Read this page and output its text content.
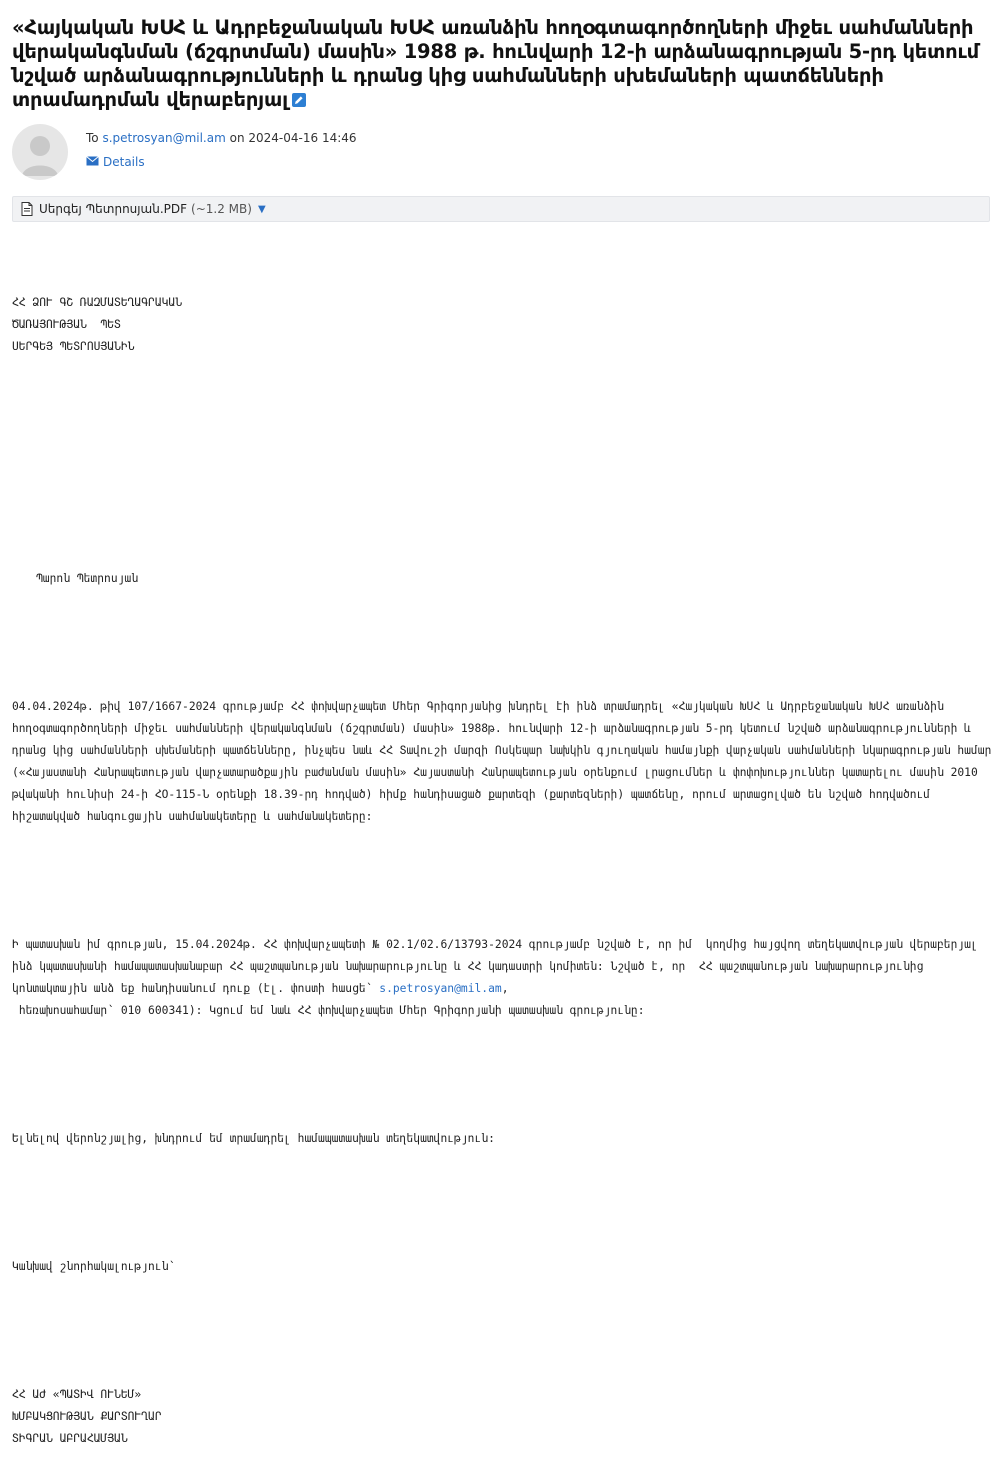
«Հայկական ԽՍՀ և Ադրբեջանական ԽՍՀ առանձին հողօգտագործողների միջեւ սահմանների վերականգնման (ճշգրտման) մասին» 1988 թ. հունվարի 12-ի արձանագրության 5-րդ կետում նշված արձանագրությունների և դրանց կից սահմանների սխեմաների պատճենների տրամադրման վերաբերյալ
To s.petrosyan@mil.am on 2024-04-16 14:46
Details
Սերգեյ Պետրոսյան.PDF (~1.2 MB) ▼

ՀՀ ՁՈՒ ԳՇ ՌԱԶՄԱՏԵՂԱԳՐԱԿԱՆ
ԾԱՌԱՅՈՒԹՅԱՆ  ՊԵՏ
ՍԵՐԳԵՅ ՊԵՏՐՈՍՅԱՆԻՆ

Պարոն Պետրոսյան

04.04.2024թ. թիվ 107/1667-2024 գրությամբ ՀՀ փոխվարչապետ Մհեր Գրիգորյանից խնդրել էի ինձ տրամադրել «Հայկական ԽՍՀ և Ադրբեջանական ԽՍՀ առանձին հողօգտագործողների միջեւ սահմանների վերականգնման (ճշգրտման) մասին» 1988թ. հունվարի 12-ի արձանագրության 5-րդ կետում նշված արձանագրությունների և դրանց կից սահմանների սխեմաների պատճենները, ինչպես նաև ՀՀ Տավուշի մարզի Ոսկեպար նախկին գյուղական համայնքի վարչական սահմանների նկարագրության համար («Հայաստանի Հանրապետության վարչատարածքային բաժանման մասին» Հայաստանի Հանրապետության օրենքում լրացումներ և փոփոխություններ կատարելու մասին 2010 թվականի հունիսի 24-ի ՀՕ-115-Ն օրենքի 18.39-րդ հոդված) հիմք հանդիսացած քարտեզի (քարտեզների) պատճենը, որում արտացոլված են նշված հոդվածում հիշատակված հանգուցային սահմանակետերը և սահմանակետերը:

Ի պատասխան իմ գրության, 15.04.2024թ. ՀՀ փոխվարչապետի № 02.1/02.6/13793-2024 գրությամբ նշված է, որ իմ  կողմից հայցվող տեղեկատվության վերաբերյալ ինձ կպատասխանի համապատասխանաբար ՀՀ պաշտպանության նախարարությունը և ՀՀ կադաստրի կոմիտեն: Նշված է, որ  ՀՀ պաշտպանության նախարարությունից կոնտակտային անձ եք հանդիսանում դուք (էլ. փոստի հասցե՝ s.petrosyan@mil.am,
հեռախոսահամար՝ 010 600341): Կցում եմ նաև ՀՀ փոխվարչապետ Մհեր Գրիգորյանի պատասխան գրությունը:

Ելնելով վերոնշյալից, խնդրում եմ տրամադրել համապատասխան տեղեկատվություն:

Կանխավ շնորհակալություն՝

ՀՀ ԱԺ «ՊԱՏԻՎ ՈՒՆԵՄ»
ԽՄԲԱԿՑՈՒԹՅԱՆ ՔԱՐՏՈՒՂԱՐ
ՏԻԳՐԱՆ ԱԲՐԱՀԱՄՅԱՆ
